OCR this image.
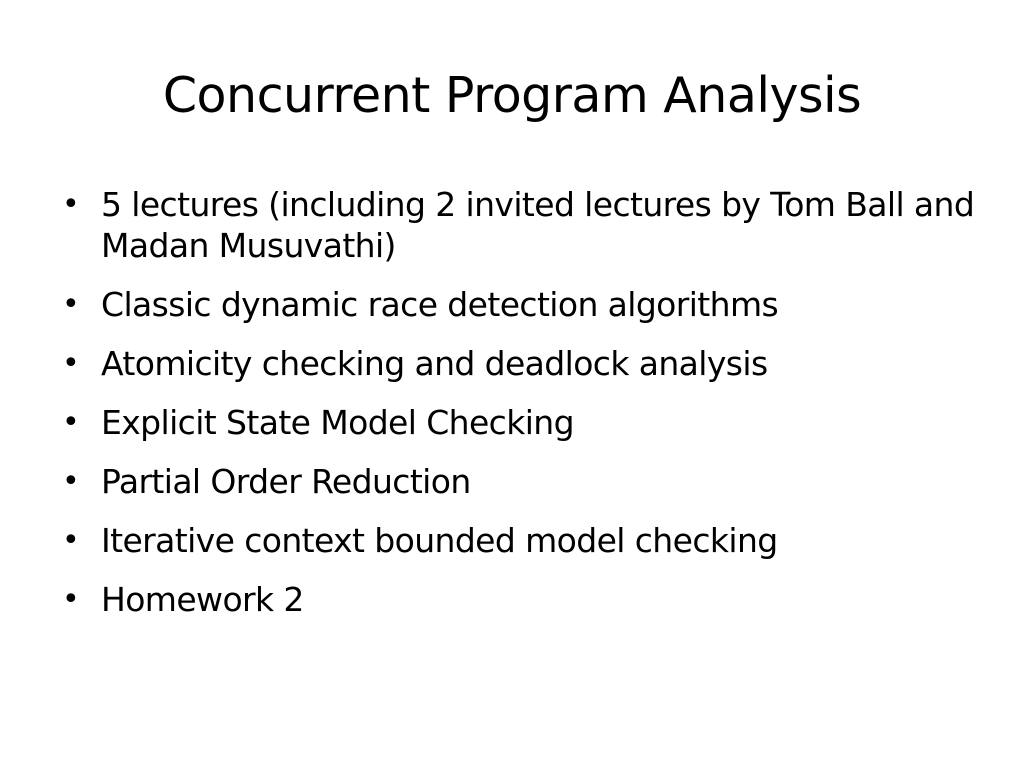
Concurrent Program Analysis
• 5 lectures (including 2 invited lectures by Tom Ball and Madan Musuvathi)
• Classic dynamic race detection algorithms
• Atomicity checking and deadlock analysis
• Explicit State Model Checking
• Partial Order Reduction
• Iterative context bounded model checking
• Homework 2
